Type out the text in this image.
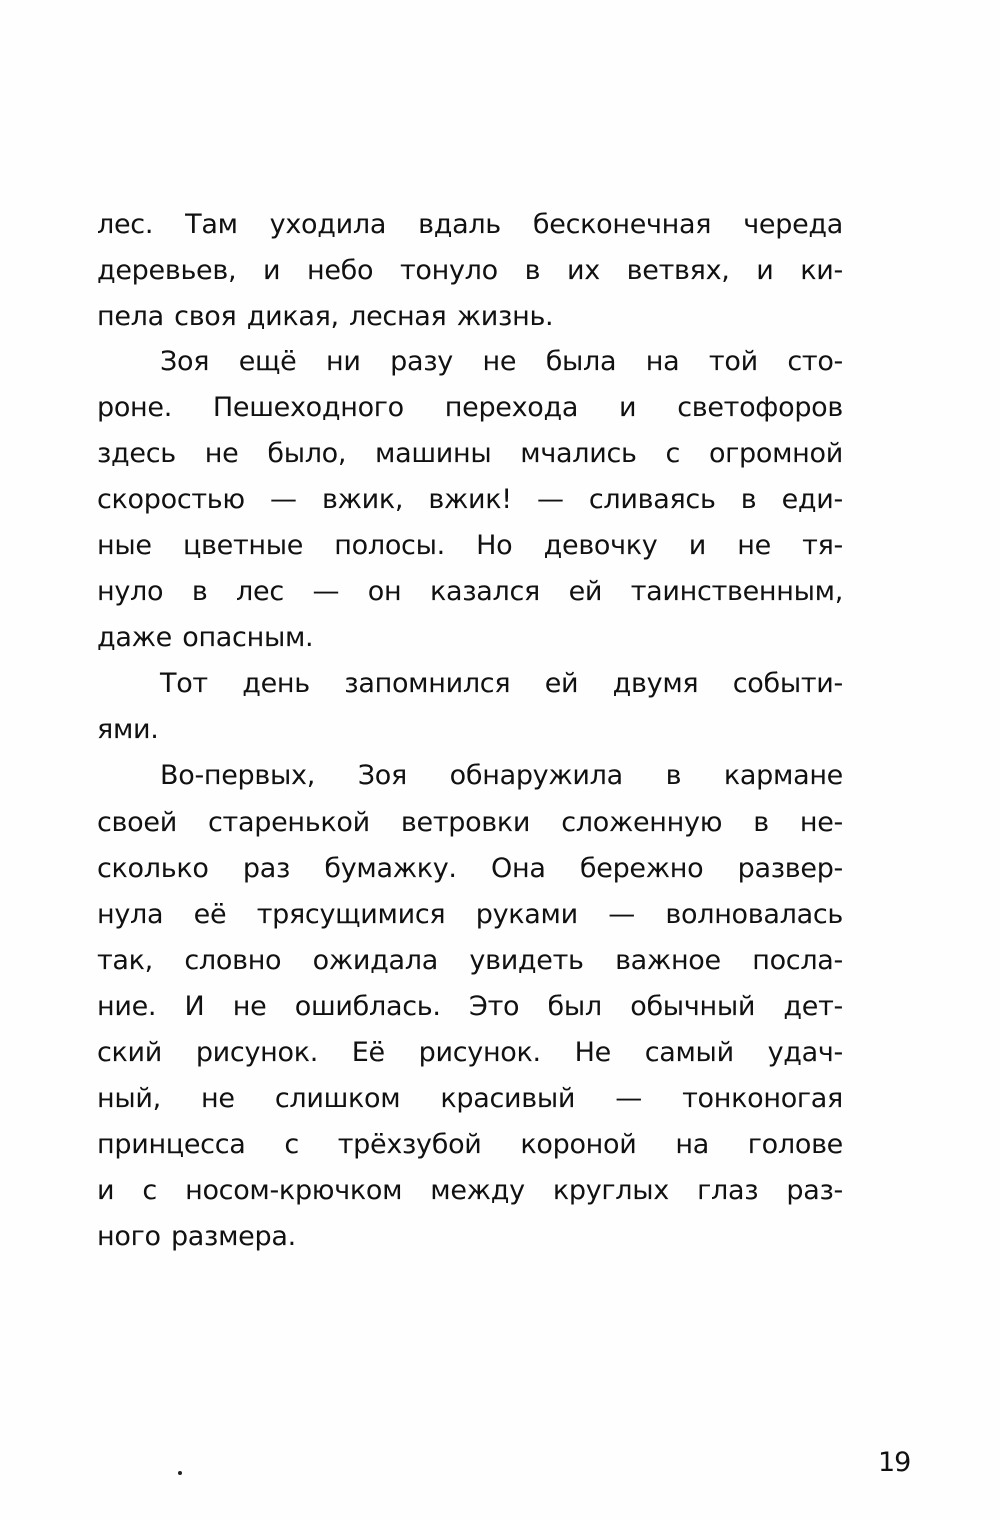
лес. Там уходила вдаль бесконечная череда
деревьев, и небо тонуло в их ветвях, и ки-
пела своя дикая, лесная жизнь.
Зоя ещё ни разу не была на той сто-
роне. Пешеходного перехода и светофоров
здесь не было, машины мчались с огромной
скоростью — вжик, вжик! — сливаясь в еди-
ные цветные полосы. Но девочку и не тя-
нуло в лес — он казался ей таинственным,
даже опасным.
Тот день запомнился ей двумя событи-
ями.
Во-первых, Зоя обнаружила в кармане
своей старенькой ветровки сложенную в не-
сколько раз бумажку. Она бережно развер-
нула её трясущимися руками — волновалась
так, словно ожидала увидеть важное посла-
ние. И не ошиблась. Это был обычный дет-
ский рисунок. Её рисунок. Не самый удач-
ный, не слишком красивый — тонконогая
принцесса с трёхзубой короной на голове
и с носом-крючком между круглых глаз раз-
ного размера.
19
